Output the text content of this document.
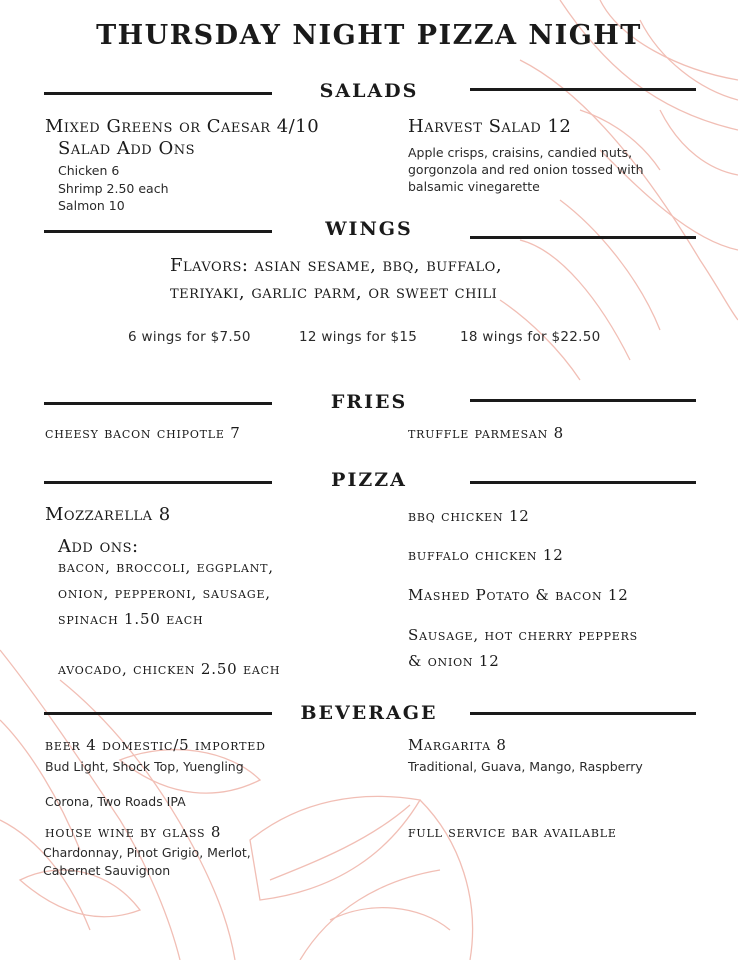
THURSDAY NIGHT PIZZA NIGHT
SALADS
Mixed Greens or Caesar 4/10
Salad Add Ons
Chicken 6
Shrimp 2.50 each
Salmon 10
Harvest Salad 12
Apple crisps, craisins, candied nuts,
gorgonzola and red onion tossed with
balsamic vinegarette
WINGS
Flavors: asian sesame, bbq, buffalo,
teriyaki, garlic parm, or sweet chili
6 wings for $7.50	12 wings for $15	18 wings for $22.50
FRIES
cheesy bacon chipotle 7	truffle parmesan 8
PIZZA
Mozzarella 8
Add ons:
bacon, broccoli, eggplant,
onion, pepperoni, sausage,
spinach 1.50 each
avocado, chicken 2.50 each
bbq chicken 12
buffalo chicken 12
Mashed Potato & bacon 12
Sausage, hot cherry peppers
& onion 12
BEVERAGE
beer 4 domestic/5 imported
Bud Light, Shock Top, Yuengling
Corona, Two Roads IPA
Margarita 8
Traditional, Guava, Mango, Raspberry
house wine by glass 8
Chardonnay, Pinot Grigio, Merlot,
Cabernet Sauvignon
full service bar available
